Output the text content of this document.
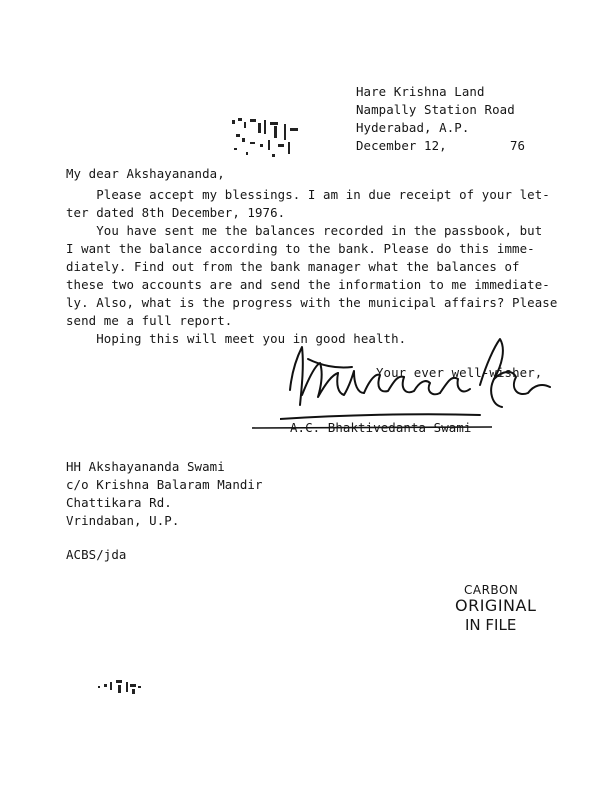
Hare Krishna Land
Nampally Station Road
Hyderabad, A.P.
December 12,	76
My dear Akshayananda,
Please accept my blessings. I am in due receipt of your let-
ter dated 8th December, 1976.
You have sent me the balances recorded in the passbook, but
I want the balance according to the bank. Please do this imme-
diately. Find out from the bank manager what the balances of
these two accounts are and send the information to me immediate-
ly. Also, what is the progress with the municipal affairs? Please
send me a full report.
Hoping this will meet you in good health.
Your ever well-wisher,
A.C. Bhaktivedanta Swami
HH Akshayananda Swami
c/o Krishna Balaram Mandir
Chattikara Rd.
Vrindaban, U.P.
ACBS/jda
CARBON
ORIGINAL
IN FILE
